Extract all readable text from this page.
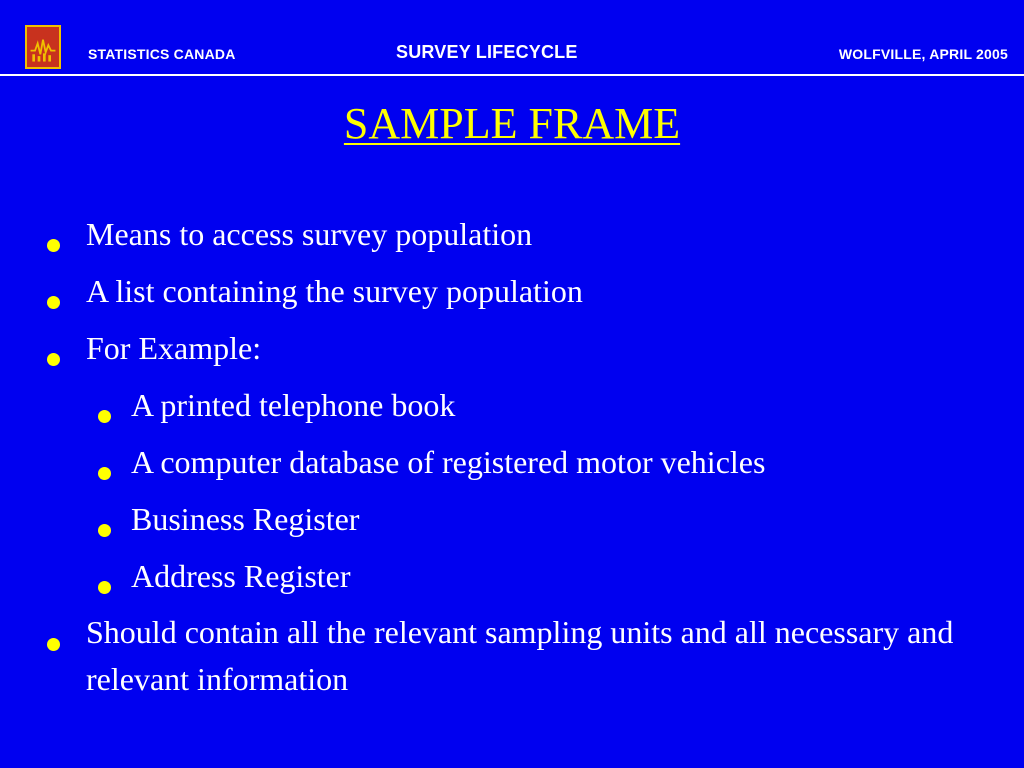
STATISTICS CANADA	SURVEY LIFECYCLE	WOLFVILLE, APRIL 2005
SAMPLE FRAME
Means to access survey population
A list containing the survey population
For Example:
A printed telephone book
A computer database of registered motor vehicles
Business Register
Address Register
Should contain all the relevant sampling units and all necessary and relevant information
